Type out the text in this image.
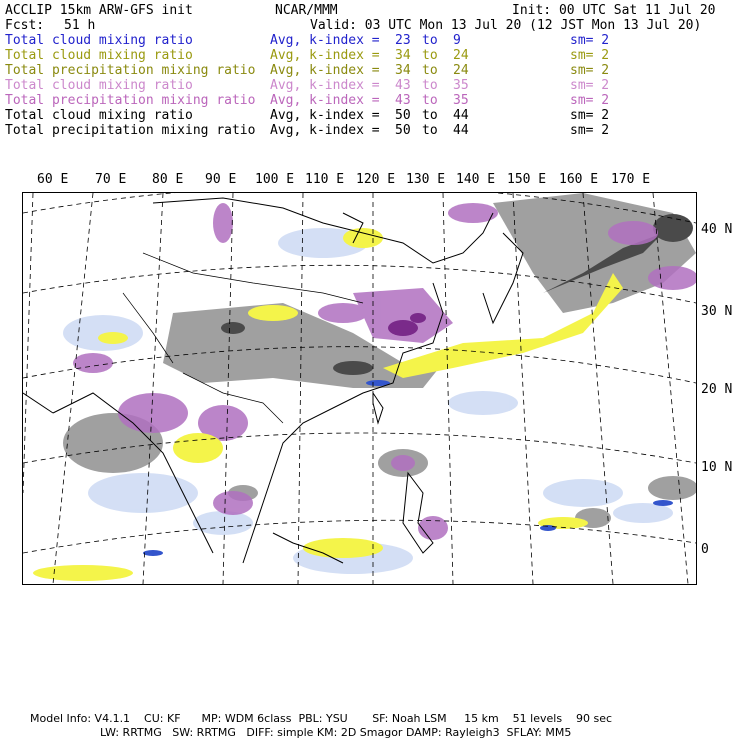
ACCLIP 15km ARW-GFS init	NCAR/MMM	Init: 00 UTC Sat 11 Jul 20
Fcst: 51 h	Valid: 03 UTC Mon 13 Jul 20 (12 JST Mon 13 Jul 20)
Total cloud mixing ratio	Avg, k-index = 23 to 9	sm= 2
Total cloud mixing ratio	Avg, k-index = 34 to 24	sm= 2
Total precipitation mixing ratio Avg, k-index = 34 to 24	sm= 2
Total cloud mixing ratio	Avg, k-index = 43 to 35	sm= 2
Total precipitation mixing ratio Avg, k-index = 43 to 35	sm= 2
Total cloud mixing ratio	Avg, k-index = 50 to 44	sm= 2
Total precipitation mixing ratio Avg, k-index = 50 to 44	sm= 2
60 E 70 E 80 E 90 E 100 E 110 E 120 E 130 E 140 E 150 E 160 E 170 E
40 N
30 N
20 N
10 N
0
Model Info: V4.1.1    CU: KF      MP: WDM 6class  PBL: YSU       SF: Noah LSM     15 km    51 levels    90 sec
LW: RRTMG   SW: RRTMG   DIFF: simple KM: 2D Smagor DAMP: Rayleigh3  SFLAY: MM5
